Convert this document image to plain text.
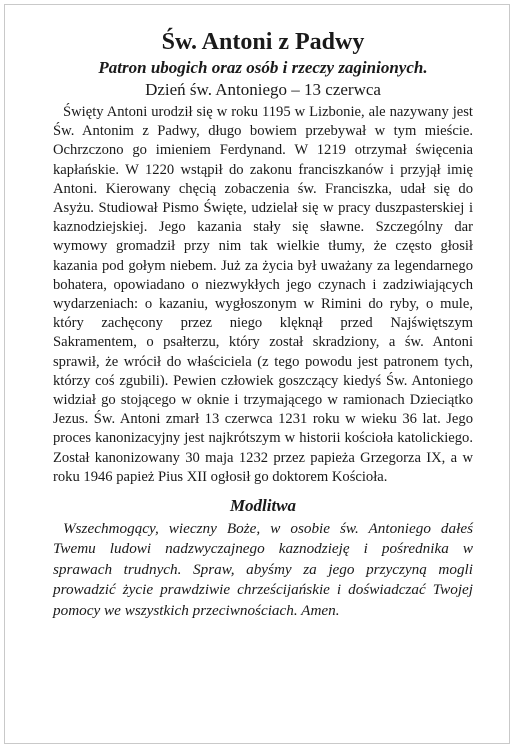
Św. Antoni z Padwy

Patron ubogich oraz osób i rzeczy zaginionych.

Dzień św. Antoniego – 13 czerwca

Święty Antoni urodził się w roku 1195 w Lizbonie, ale nazywany jest Św. Antonim z Padwy, długo bowiem przebywał w tym mieście. Ochrzczono go imieniem Ferdynand. W 1219 otrzymał święcenia kapłańskie. W 1220 wstąpił do zakonu franciszkanów i przyjął imię Antoni. Kierowany chęcią zobaczenia św. Franciszka, udał się do Asyżu. Studiował Pismo Święte, udzielał się w pracy duszpasterskiej i kaznodziejskiej. Jego kazania stały się sławne. Szczególny dar wymowy gromadził przy nim tak wielkie tłumy, że często głosił kazania pod gołym niebem. Już za życia był uważany za legendarnego bohatera, opowiadano o niezwykłych jego czynach i zadziwiających wydarzeniach: o kazaniu, wygłoszonym w Rimini do ryby, o mule, który zachęcony przez niego klęknął przed Najświętszym Sakramentem, o psałterzu, który został skradziony, a św. Antoni sprawił, że wrócił do właściciela (z tego powodu jest patronem tych, którzy coś zgubili). Pewien człowiek goszczący kiedyś Św. Antoniego widział go stojącego w oknie i trzymającego w ramionach Dzieciątko Jezus. Św. Antoni zmarł 13 czerwca 1231 roku w wieku 36 lat. Jego proces kanonizacyjny jest najkrótszym w historii kościoła katolickiego. Został kanonizowany 30 maja 1232 przez papieża Grzegorza IX, a w roku 1946 papież Pius XII ogłosił go doktorem Kościoła.

Modlitwa

Wszechmogący, wieczny Boże, w osobie św. Antoniego dałeś Twemu ludowi nadzwyczajnego kaznodzieję i pośrednika w sprawach trudnych. Spraw, abyśmy za jego przyczyną mogli prowadzić życie prawdziwie chrześcijańskie i doświadczać Twojej pomocy we wszystkich przeciwnościach. Amen.
